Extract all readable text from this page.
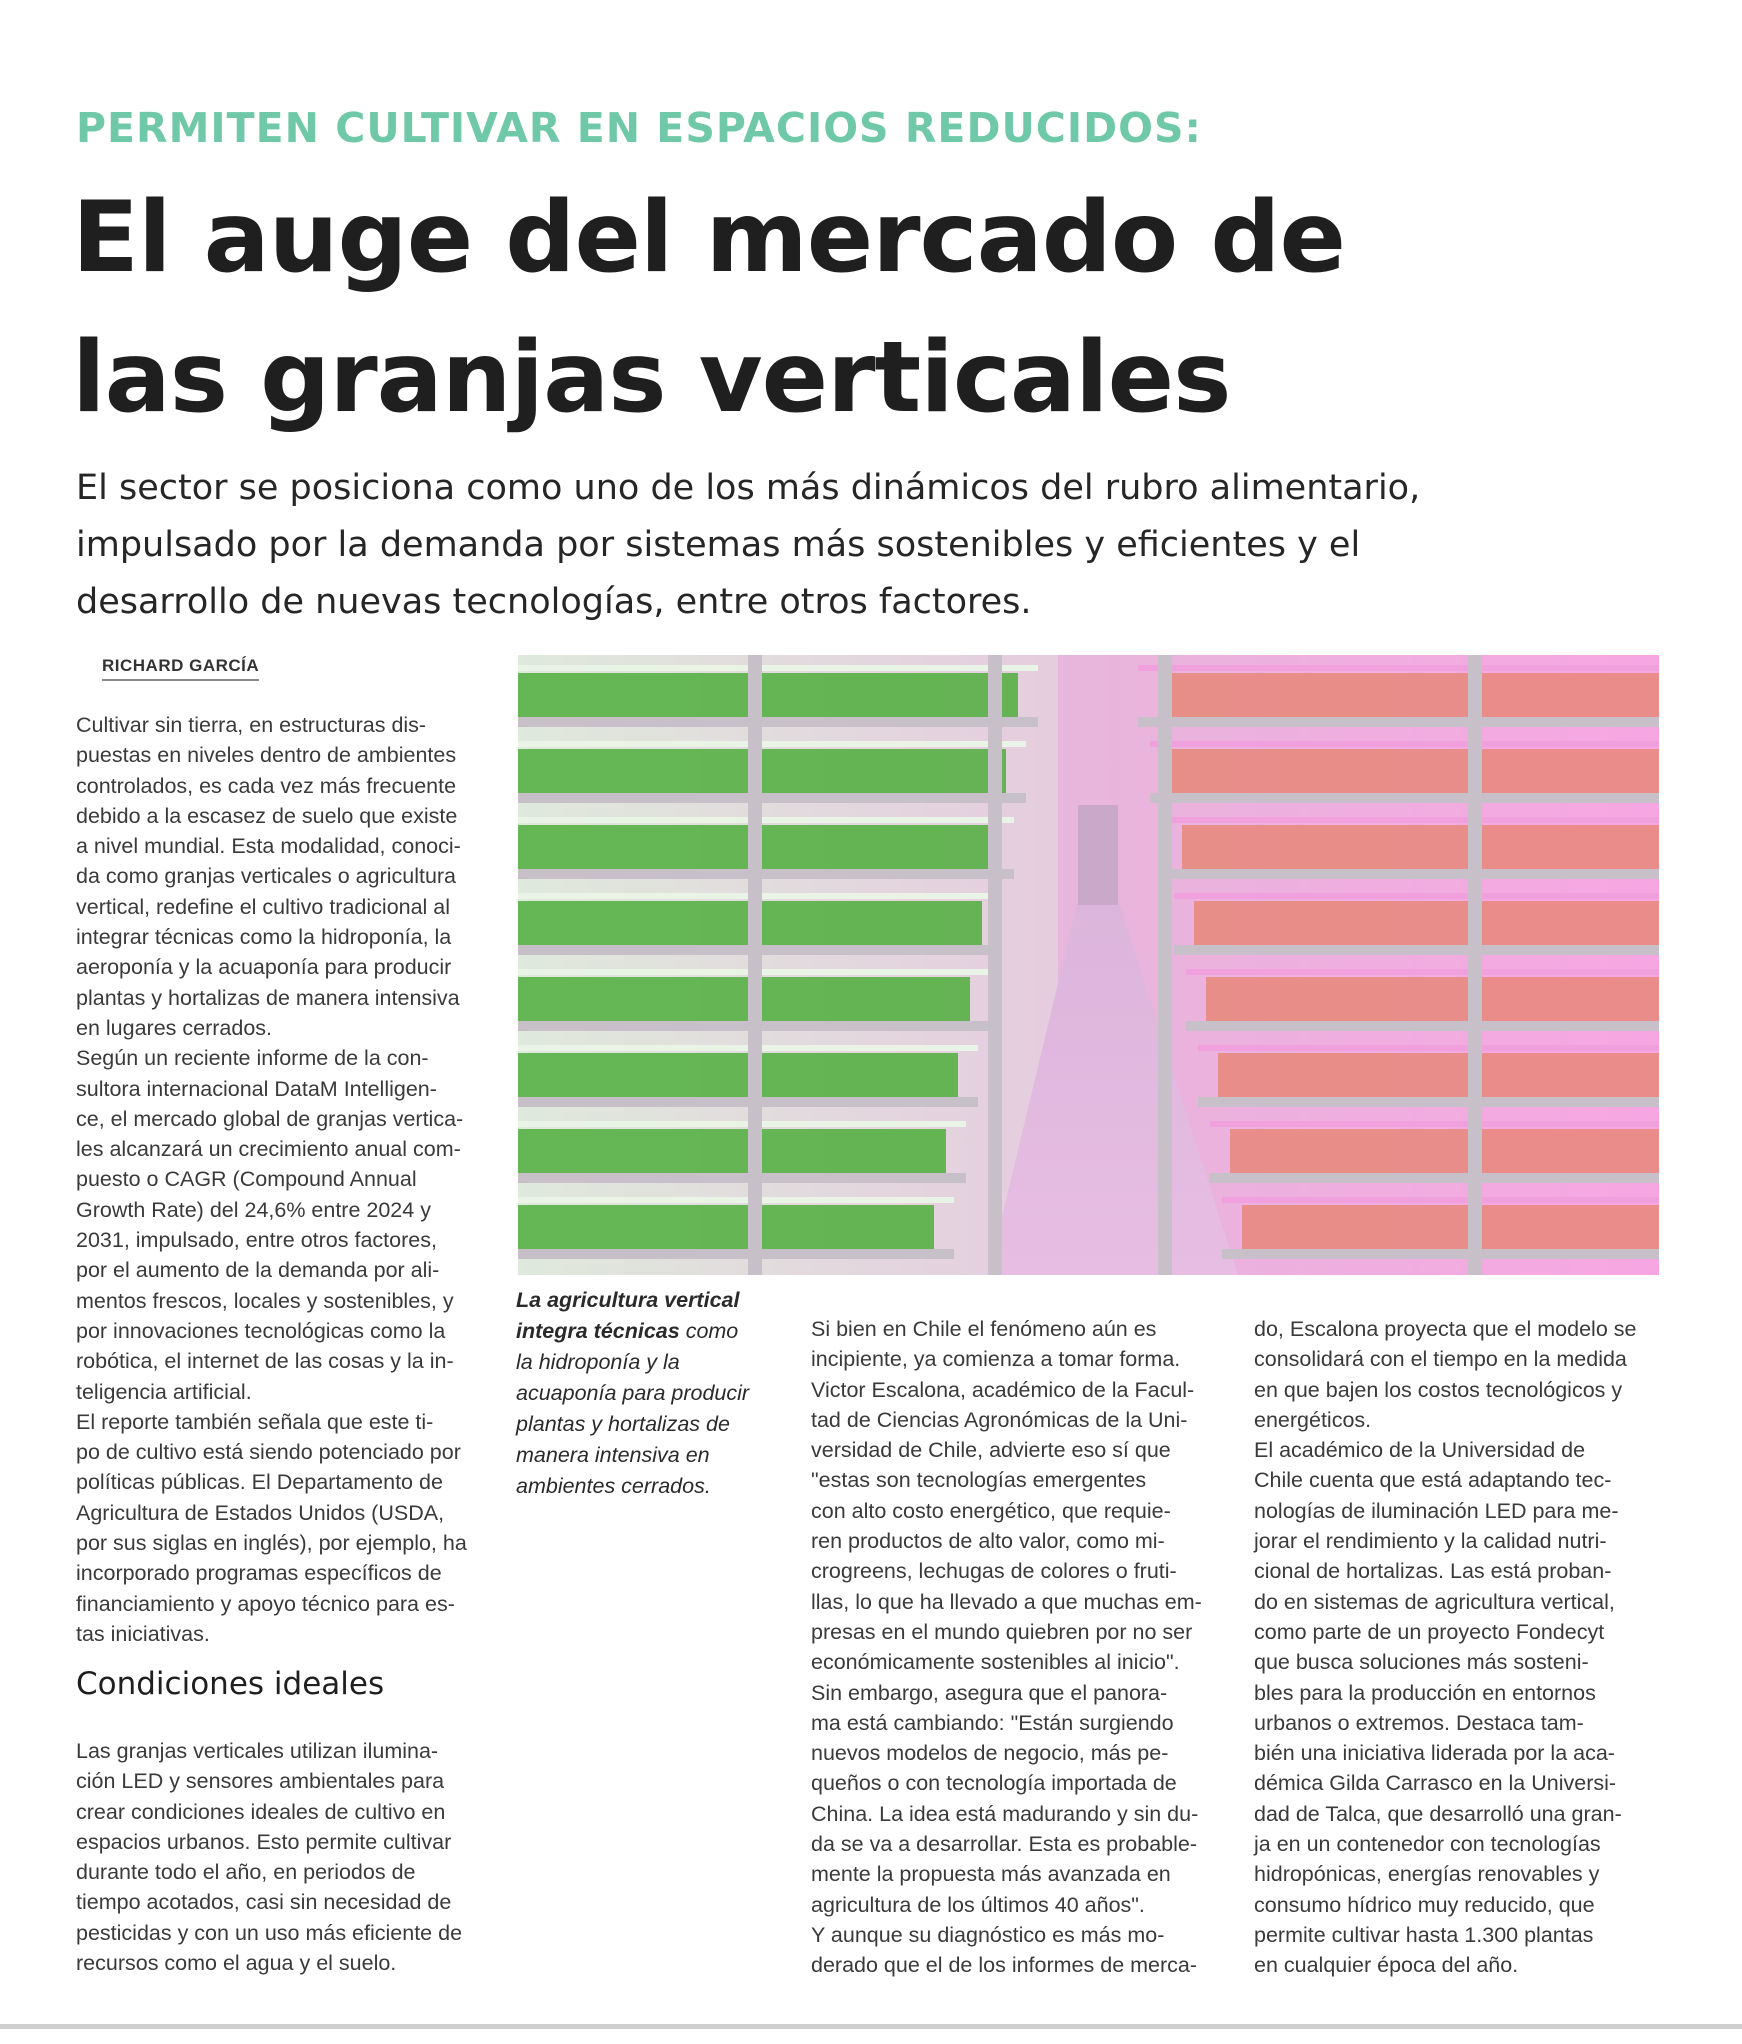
PERMITEN CULTIVAR EN ESPACIOS REDUCIDOS:
El auge del mercado de
las granjas verticales
El sector se posiciona como uno de los más dinámicos del rubro alimentario,
impulsado por la demanda por sistemas más sostenibles y eficientes y el
desarrollo de nuevas tecnologías, entre otros factores.
RICHARD GARCÍA
Cultivar sin tierra, en estructuras dis-
puestas en niveles dentro de ambientes
controlados, es cada vez más frecuente
debido a la escasez de suelo que existe
a nivel mundial. Esta modalidad, conoci-
da como granjas verticales o agricultura
vertical, redefine el cultivo tradicional al
integrar técnicas como la hidroponía, la
aeroponía y la acuaponía para producir
plantas y hortalizas de manera intensiva
en lugares cerrados.
Según un reciente informe de la con-
sultora internacional DataM Intelligen-
ce, el mercado global de granjas vertica-
les alcanzará un crecimiento anual com-
puesto o CAGR (Compound Annual
Growth Rate) del 24,6% entre 2024 y
2031, impulsado, entre otros factores,
por el aumento de la demanda por ali-
mentos frescos, locales y sostenibles, y
por innovaciones tecnológicas como la
robótica, el internet de las cosas y la in-
teligencia artificial.
El reporte también señala que este ti-
po de cultivo está siendo potenciado por
políticas públicas. El Departamento de
Agricultura de Estados Unidos (USDA,
por sus siglas en inglés), por ejemplo, ha
incorporado programas específicos de
financiamiento y apoyo técnico para es-
tas iniciativas.
Condiciones ideales
Las granjas verticales utilizan ilumina-
ción LED y sensores ambientales para
crear condiciones ideales de cultivo en
espacios urbanos. Esto permite cultivar
durante todo el año, en periodos de
tiempo acotados, casi sin necesidad de
pesticidas y con un uso más eficiente de
recursos como el agua y el suelo.
La agricultura vertical
integra técnicas como
la hidroponía y la
acuaponía para producir
plantas y hortalizas de
manera intensiva en
ambientes cerrados.
Si bien en Chile el fenómeno aún es
incipiente, ya comienza a tomar forma.
Victor Escalona, académico de la Facul-
tad de Ciencias Agronómicas de la Uni-
versidad de Chile, advierte eso sí que
"estas son tecnologías emergentes
con alto costo energético, que requie-
ren productos de alto valor, como mi-
crogreens, lechugas de colores o fruti-
llas, lo que ha llevado a que muchas em-
presas en el mundo quiebren por no ser
económicamente sostenibles al inicio".
Sin embargo, asegura que el panora-
ma está cambiando: "Están surgiendo
nuevos modelos de negocio, más pe-
queños o con tecnología importada de
China. La idea está madurando y sin du-
da se va a desarrollar. Esta es probable-
mente la propuesta más avanzada en
agricultura de los últimos 40 años".
Y aunque su diagnóstico es más mo-
derado que el de los informes de merca-
do, Escalona proyecta que el modelo se
consolidará con el tiempo en la medida
en que bajen los costos tecnológicos y
energéticos.
El académico de la Universidad de
Chile cuenta que está adaptando tec-
nologías de iluminación LED para me-
jorar el rendimiento y la calidad nutri-
cional de hortalizas. Las está proban-
do en sistemas de agricultura vertical,
como parte de un proyecto Fondecyt
que busca soluciones más sosteni-
bles para la producción en entornos
urbanos o extremos. Destaca tam-
bién una iniciativa liderada por la aca-
démica Gilda Carrasco en la Universi-
dad de Talca, que desarrolló una gran-
ja en un contenedor con tecnologías
hidropónicas, energías renovables y
consumo hídrico muy reducido, que
permite cultivar hasta 1.300 plantas
en cualquier época del año.
